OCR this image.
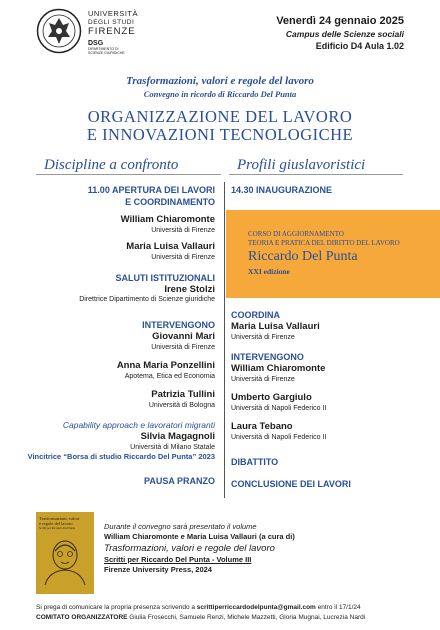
UNIVERSITÀ
DEGLI STUDI
FIRENZE
DSG
DIPARTIMENTO DI
SCIENZE GIURIDICHE
Venerdì 24 gennaio 2025
Campus delle Scienze sociali
Edificio D4 Aula 1.02
Trasformazioni, valori e regole del lavoro
Convegno in ricordo di Riccardo Del Punta
ORGANIZZAZIONE DEL LAVORO
E INNOVAZIONI TECNOLOGICHE
Discipline a confronto	Profili giuslavoristici
11.00 APERTURA DEI LAVORI
E COORDINAMENTO
William Chiaromonte
Università di Firenze
Maria Luisa Vallauri
Università di Firenze
SALUTI ISTITUZIONALI
Irene Stolzi
Direttrice Dipartimento di Scienze giuridiche
INTERVENGONO
Giovanni Mari
Università di Firenze
Anna Maria Ponzellini
Apotema, Etica ed Economia
Patrizia Tullini
Università di Bologna
Capability approach e lavoratori migranti
Silvia Magagnoli
Università di Milano Statale
Vincitrice “Borsa di studio Riccardo Del Punta” 2023
PAUSA PRANZO
14.30 INAUGURAZIONE
CORSO DI AGGIORNAMENTO
TEORIA E PRATICA DEL DIRITTO DEL LAVORO
Riccardo Del Punta
XXI edizione
COORDINA
Maria Luisa Vallauri
Università di Firenze
INTERVENGONO
William Chiaromonte
Università di Firenze
Umberto Gargiulo
Università di Napoli Federico II
Laura Tebano
Università di Napoli Federico II
DIBATTITO
CONCLUSIONE DEI LAVORI
Trasformazioni, valori
e regole del lavoro
Scritti per Riccardo Del Punta	Durante il convegno sarà presentato il volume
William Chiaromonte e Maria Luisa Vallauri (a cura di)
Trasformazioni, valori e regole del lavoro
Scritti per Riccardo Del Punta - Volume III
Firenze University Press, 2024
Si prega di comunicare la propria presenza scrivendo a scrittiperriccardodelpunta@gmail.com entro il 17/1/24
COMITATO ORGANIZZATORE Giulia Frosecchi, Samuele Renzi, Michele Mazzetti, Gloria Mugnai, Lucrezia Nardi
